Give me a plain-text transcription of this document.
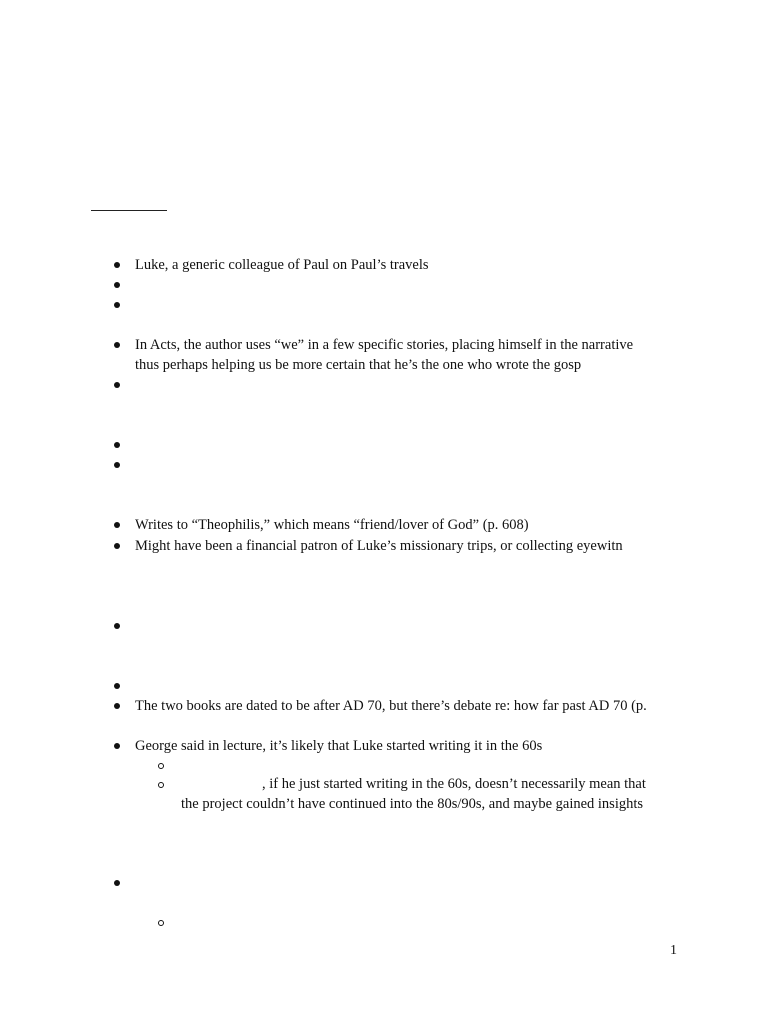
Luke, a generic colleague of Paul on Paul’s travels
In Acts, the author uses “we” in a few specific stories, placing himself in the narrative
thus perhaps helping us be more certain that he’s the one who wrote the gosp
Writes to “Theophilis,” which means “friend/lover of God” (p. 608)
Might have been a financial patron of Luke’s missionary trips, or collecting eyewitn
The two books are dated to be after AD 70, but there’s debate re: how far past AD 70 (p.
George said in lecture, it’s likely that Luke started writing it in the 60s
, if he just started writing in the 60s, doesn’t necessarily mean that
the project couldn’t have continued into the 80s/90s, and maybe gained insights
1
